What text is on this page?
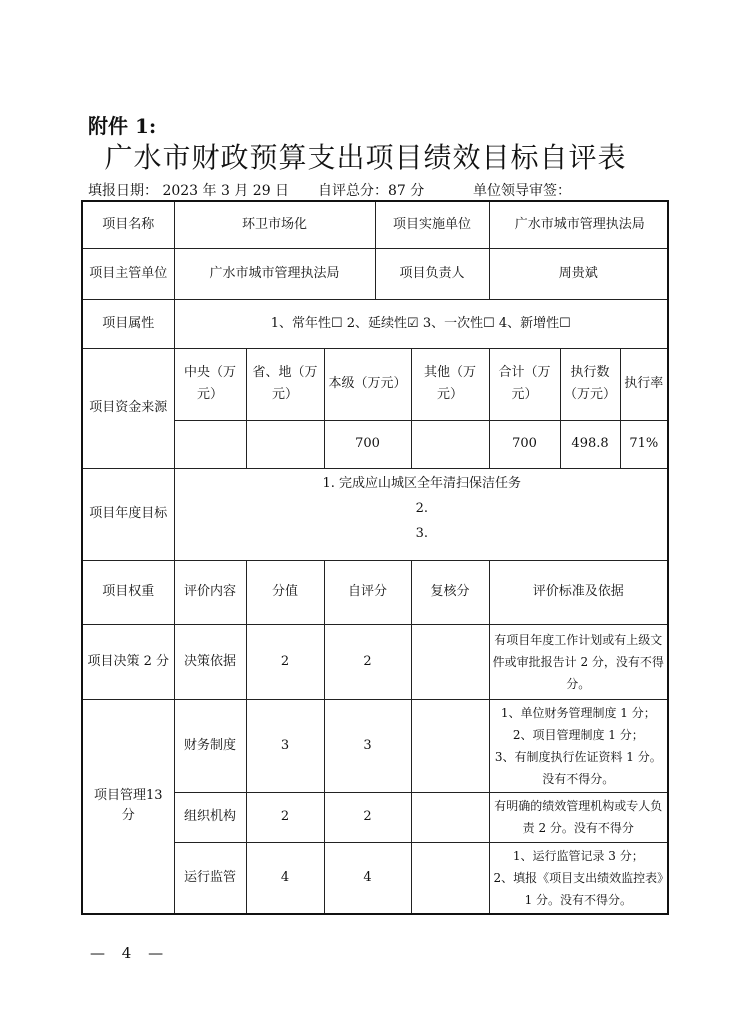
附件 1:
广水市财政预算支出项目绩效目标自评表
填报日期： 2023 年 3 月 29 日 自评总分：87 分	单位领导审签：
项目名称	环卫市场化			项目实施单位		广水市城市管理执法局		
项目主管单位	广水市城市管理执法局			项目负责人		周贵斌		
项目属性	1、常年性☐ 2、延续性☑ 3、一次性☐ 4、新增性☐							
项目资金来源	中央（万元）	省、地（万元）	本级（万元）		其他（万元）	合计（万元）	执行数（万元）	执行率
			700			700	498.8	71%
项目年度目标	1. 完成应山城区全年清扫保洁任务
2.
3.							

项目权重	评价内容	分值	自评分		复核分	评价标准及依据		
项目决策 2 分	决策依据	2	2			有项目年度工作计划或有上级文件或审批报告计 2 分，没有不得分。		
项目管理13 分	财务制度	3	3			1、单位财务管理制度 1 分；
2、项目管理制度 1 分；
3、有制度执行佐证资料 1 分。没有不得分。		

	组织机构	2	2			有明确的绩效管理机构或专人负责 2 分。没有不得分		

	运行监管	4	4			1、运行监管记录 3 分；
2、填报《项目支出绩效监控表》1 分。没有不得分。		
— 4 —
